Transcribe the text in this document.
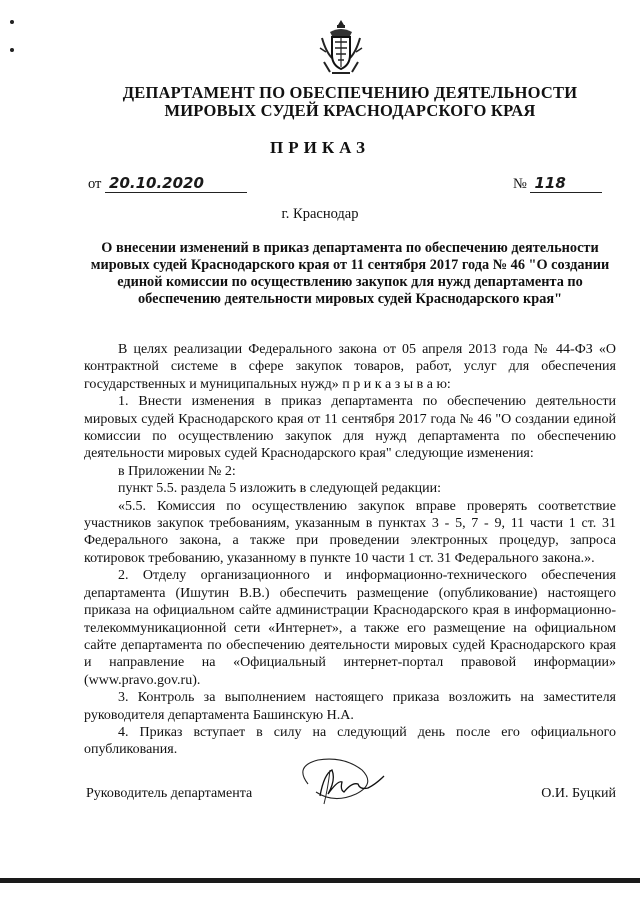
ДЕПАРТАМЕНТ ПО ОБЕСПЕЧЕНИЮ ДЕЯТЕЛЬНОСТИ
МИРОВЫХ СУДЕЙ КРАСНОДАРСКОГО КРАЯ
ПРИКАЗ
от 20.10.2020	№ 118
г. Краснодар
О внесении изменений в приказ департамента по обеспечению деятельности мировых судей Краснодарского края от 11 сентября 2017 года № 46 "О создании единой комиссии по осуществлению закупок для нужд департамента по обеспечению деятельности мировых судей Краснодарского края"

В целях реализации Федерального закона от 05 апреля 2013 года № 44-ФЗ «О контрактной системе в сфере закупок товаров, работ, услуг для обеспечения государственных и муниципальных нужд» п р и к а з ы в а ю:

1. Внести изменения в приказ департамента по обеспечению деятельности мировых судей Краснодарского края от 11 сентября 2017 года № 46 "О создании единой комиссии по осуществлению закупок для нужд департамента по обеспечению деятельности мировых судей Краснодарского края" следующие изменения:

в Приложении № 2:

пункт 5.5. раздела 5 изложить в следующей редакции:

«5.5. Комиссия по осуществлению закупок вправе проверять соответствие участников закупок требованиям, указанным в пунктах 3 - 5, 7 - 9, 11 части 1 ст. 31 Федерального закона, а также при проведении электронных процедур, запроса котировок требованию, указанному в пункте 10 части 1 ст. 31 Федерального закона.».

2. Отделу организационного и информационно-технического обеспечения департамента (Ишутин В.В.) обеспечить размещение (опубликование) настоящего приказа на официальном сайте администрации Краснодарского края в информационно-телекоммуникационной сети «Интернет», а также его размещение на официальном сайте департамента по обеспечению деятельности мировых судей Краснодарского края и направление на «Официальный интернет-портал правовой информации» (www.pravo.gov.ru).

3. Контроль за выполнением настоящего приказа возложить на заместителя руководителя департамента Башинскую Н.А.

4. Приказ вступает в силу на следующий день после его официального опубликования.

Руководитель департамента	О.И. Буцкий
